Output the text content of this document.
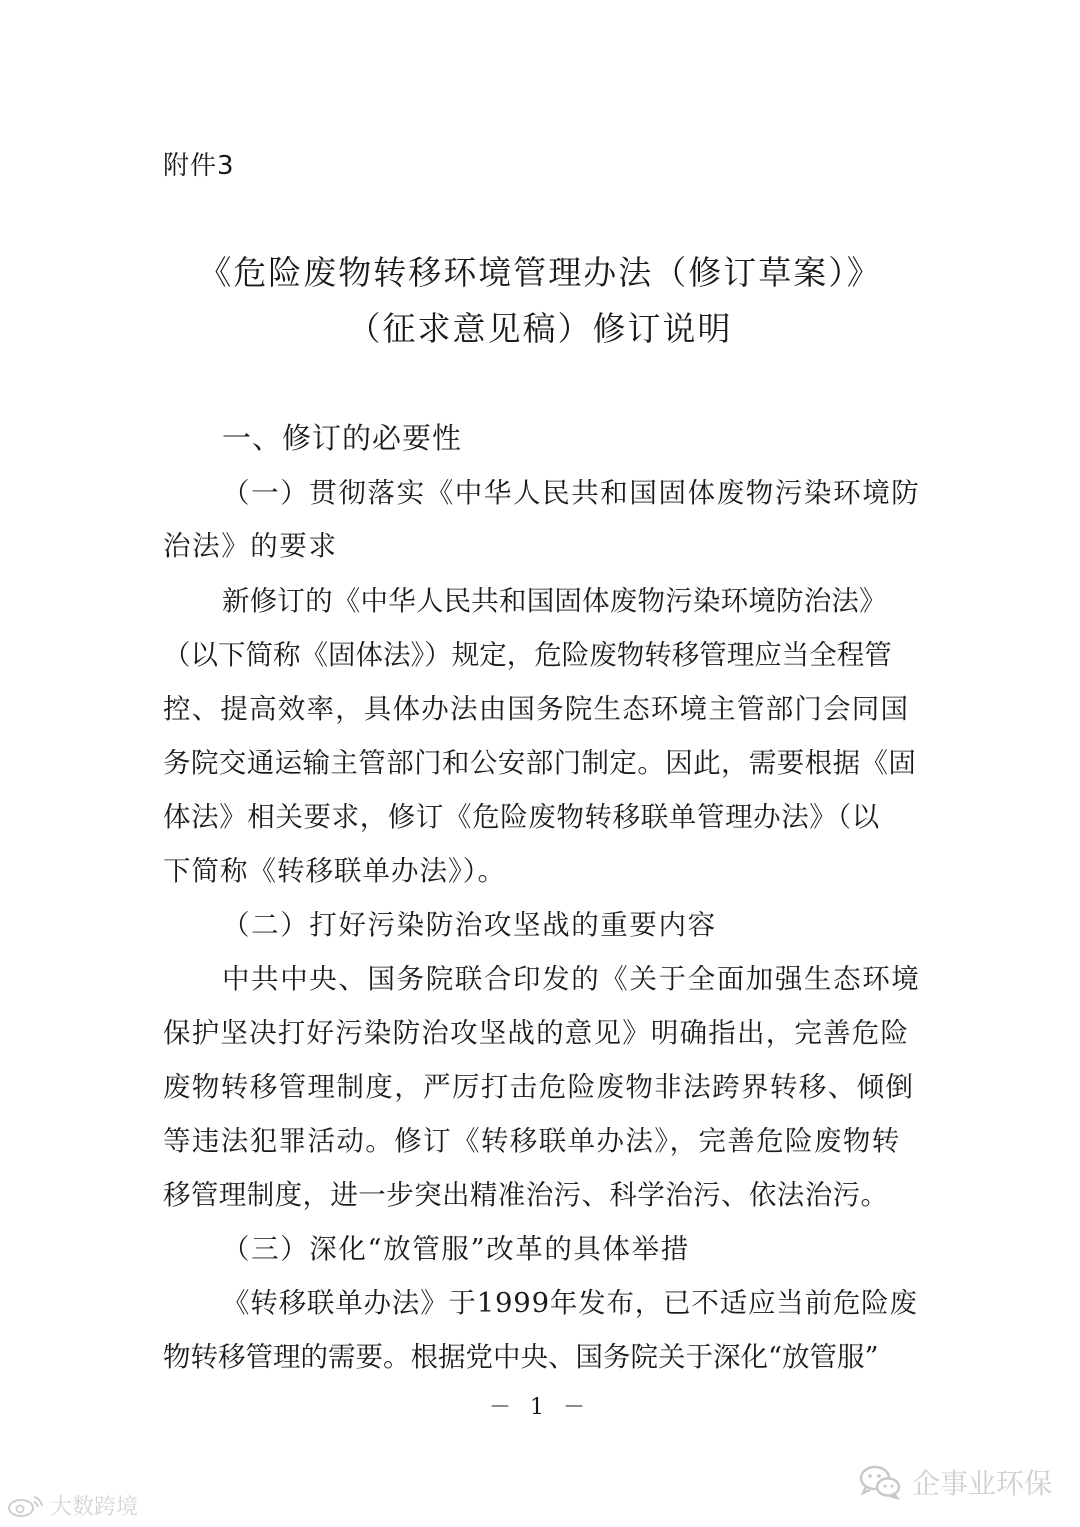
附件3
《危险废物转移环境管理办法（修订草案）》
（征求意见稿）修订说明
一、修订的必要性
（一）贯彻落实《中华人民共和国固体废物污染环境防
治法》的要求
新修订的《中华人民共和国固体废物污染环境防治法》
（以下简称《固体法》）规定，危险废物转移管理应当全程管
控、提高效率，具体办法由国务院生态环境主管部门会同国
务院交通运输主管部门和公安部门制定。因此，需要根据《固
体法》相关要求，修订《危险废物转移联单管理办法》（以
下简称《转移联单办法》）。
（二）打好污染防治攻坚战的重要内容
中共中央、国务院联合印发的《关于全面加强生态环境
保护坚决打好污染防治攻坚战的意见》明确指出，完善危险
废物转移管理制度，严厉打击危险废物非法跨界转移、倾倒
等违法犯罪活动。修订《转移联单办法》，完善危险废物转
移管理制度，进一步突出精准治污、科学治污、依法治污。
（三）深化“放管服”改革的具体举措
《转移联单办法》于1999年发布，已不适应当前危险废
物转移管理的需要。根据党中央、国务院关于深化“放管服”
－ 1 －
大数跨境
企事业环保
